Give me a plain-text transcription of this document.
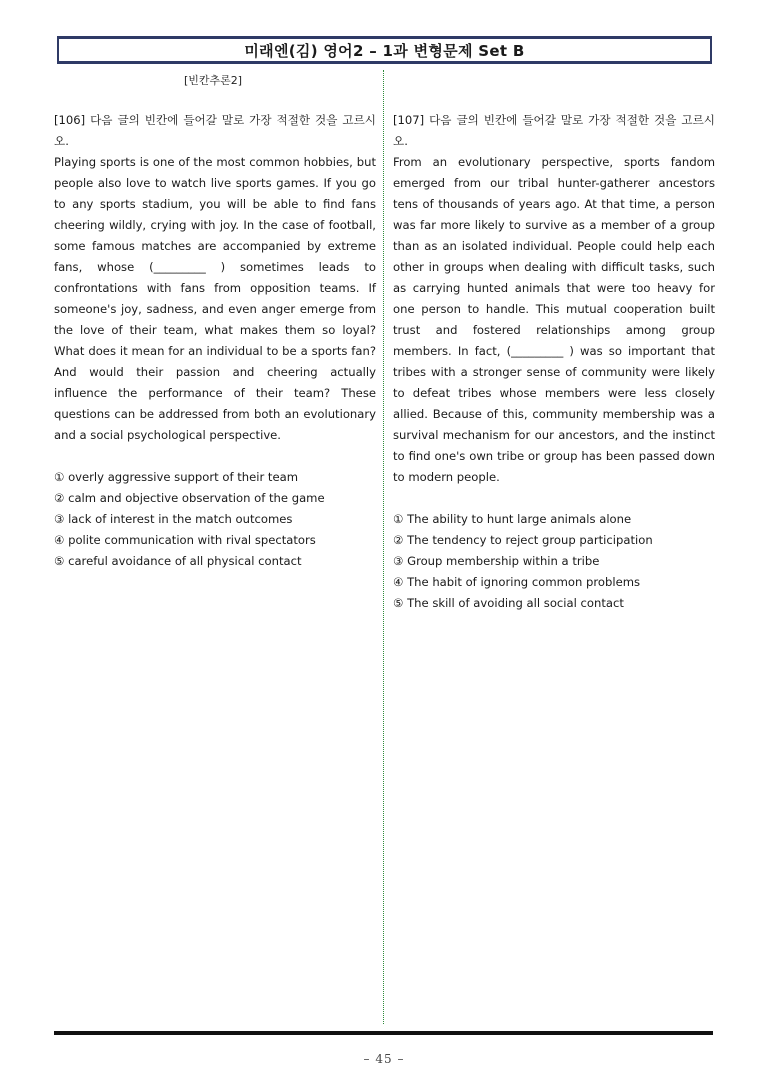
미래엔(김) 영어2 – 1과 변형문제 Set B
[빈칸추론2]

[106] 다음 글의 빈칸에 들어갈 말로 가장 적절한 것을 고르시오.

Playing sports is one of the most common hobbies, but people also love to watch live sports games. If you go to any sports stadium, you will be able to find fans cheering wildly, crying with joy. In the case of football, some famous matches are accompanied by extreme fans, whose (_________ ) sometimes leads to confrontations with fans from opposition teams. If someone's joy, sadness, and even anger emerge from the love of their team, what makes them so loyal? What does it mean for an individual to be a sports fan? And would their passion and cheering actually influence the performance of their team? These questions can be addressed from both an evolutionary and a social psychological perspective.

① overly aggressive support of their team
② calm and objective observation of the game
③ lack of interest in the match outcomes
④ polite communication with rival spectators
⑤ careful avoidance of all physical contact

[107] 다음 글의 빈칸에 들어갈 말로 가장 적절한 것을 고르시오.

From an evolutionary perspective, sports fandom emerged from our tribal hunter-gatherer ancestors tens of thousands of years ago. At that time, a person was far more likely to survive as a member of a group than as an isolated individual. People could help each other in groups when dealing with difficult tasks, such as carrying hunted animals that were too heavy for one person to handle. This mutual cooperation built trust and fostered relationships among group members. In fact, (_________ ) was so important that tribes with a stronger sense of community were likely to defeat tribes whose members were less closely allied. Because of this, community membership was a survival mechanism for our ancestors, and the instinct to find one's own tribe or group has been passed down to modern people.

① The ability to hunt large animals alone
② The tendency to reject group participation
③ Group membership within a tribe
④ The habit of ignoring common problems
⑤ The skill of avoiding all social contact
– 45 –
